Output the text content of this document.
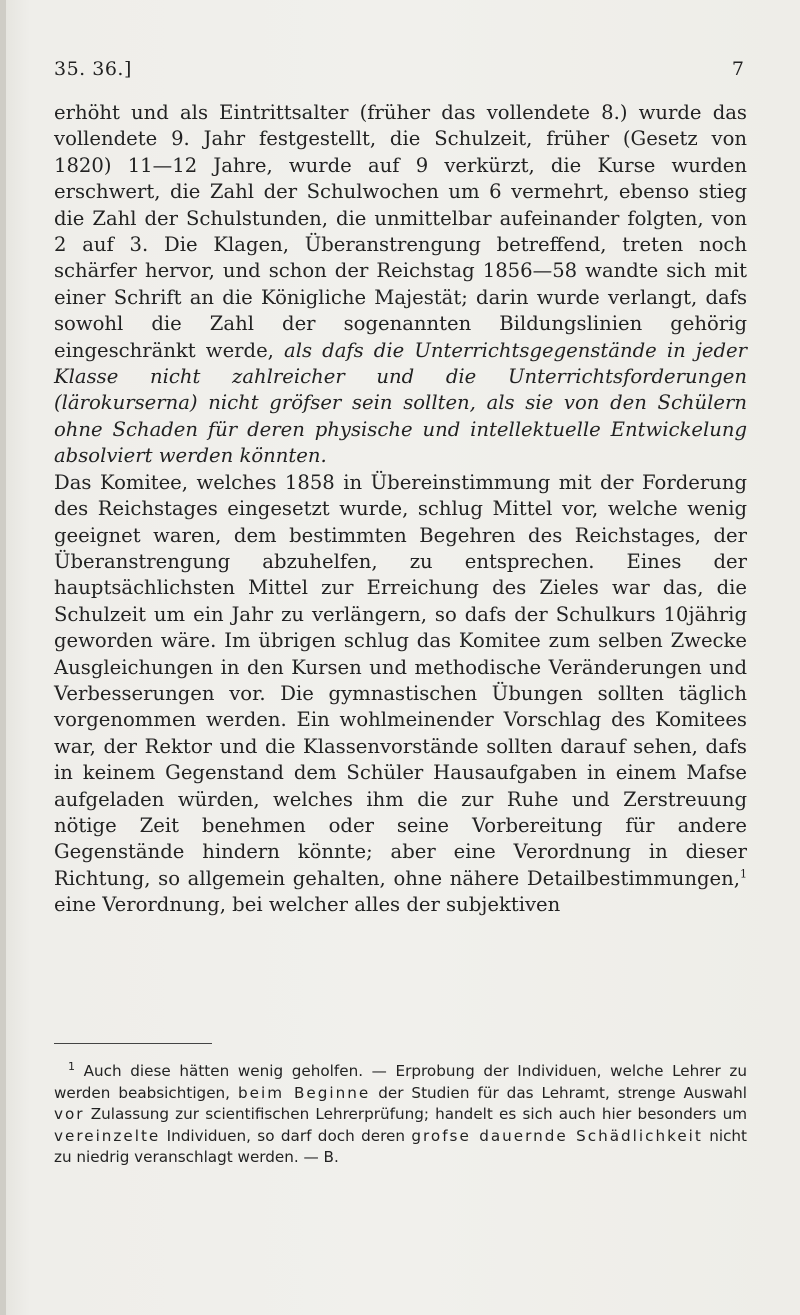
35. 36.]	7

erhöht und als Eintrittsalter (früher das vollendete 8.) wurde das vollendete 9. Jahr festgestellt, die Schulzeit, früher (Gesetz von 1820) 11—12 Jahre, wurde auf 9 verkürzt, die Kurse wurden erschwert, die Zahl der Schulwochen um 6 vermehrt, ebenso stieg die Zahl der Schulstunden, die unmittelbar aufeinander folgten, von 2 auf 3. Die Klagen, Überanstrengung betreffend, treten noch schärfer hervor, und schon der Reichstag 1856—58 wandte sich mit einer Schrift an die Königliche Majestät; darin wurde verlangt, dafs sowohl die Zahl der sogenannten Bildungslinien gehörig eingeschränkt werde, als dafs die Unterrichtsgegenstände in jeder Klasse nicht zahlreicher und die Unterrichtsforderungen (lärokurserna) nicht gröfser sein sollten, als sie von den Schülern ohne Schaden für deren physische und intellektuelle Entwickelung absolviert werden könnten.

Das Komitee, welches 1858 in Übereinstimmung mit der Forderung des Reichstages eingesetzt wurde, schlug Mittel vor, welche wenig geeignet waren, dem bestimmten Begehren des Reichstages, der Überanstrengung abzuhelfen, zu entsprechen. Eines der hauptsächlichsten Mittel zur Erreichung des Zieles war das, die Schulzeit um ein Jahr zu verlängern, so dafs der Schulkurs 10jährig geworden wäre. Im übrigen schlug das Komitee zum selben Zwecke Ausgleichungen in den Kursen und methodische Veränderungen und Verbesserungen vor. Die gymnastischen Übungen sollten täglich vorgenommen werden. Ein wohlmeinender Vorschlag des Komitees war, der Rektor und die Klassenvorstände sollten darauf sehen, dafs in keinem Gegenstand dem Schüler Hausaufgaben in einem Mafse aufgeladen würden, welches ihm die zur Ruhe und Zerstreuung nötige Zeit benehmen oder seine Vorbereitung für andere Gegenstände hindern könnte; aber eine Verordnung in dieser Richtung, so allgemein gehalten, ohne nähere Detailbestimmungen,$^1$ eine Verordnung, bei welcher alles der subjektiven

$^1$ Auch diese hätten wenig geholfen. — Erprobung der Individuen, welche Lehrer zu werden beabsichtigen, beim Beginne der Studien für das Lehramt, strenge Auswahl vor Zulassung zur scientifischen Lehrerprüfung; handelt es sich auch hier besonders um vereinzelte Individuen, so darf doch deren grofse dauernde Schädlichkeit nicht zu niedrig veranschlagt werden. — B.
